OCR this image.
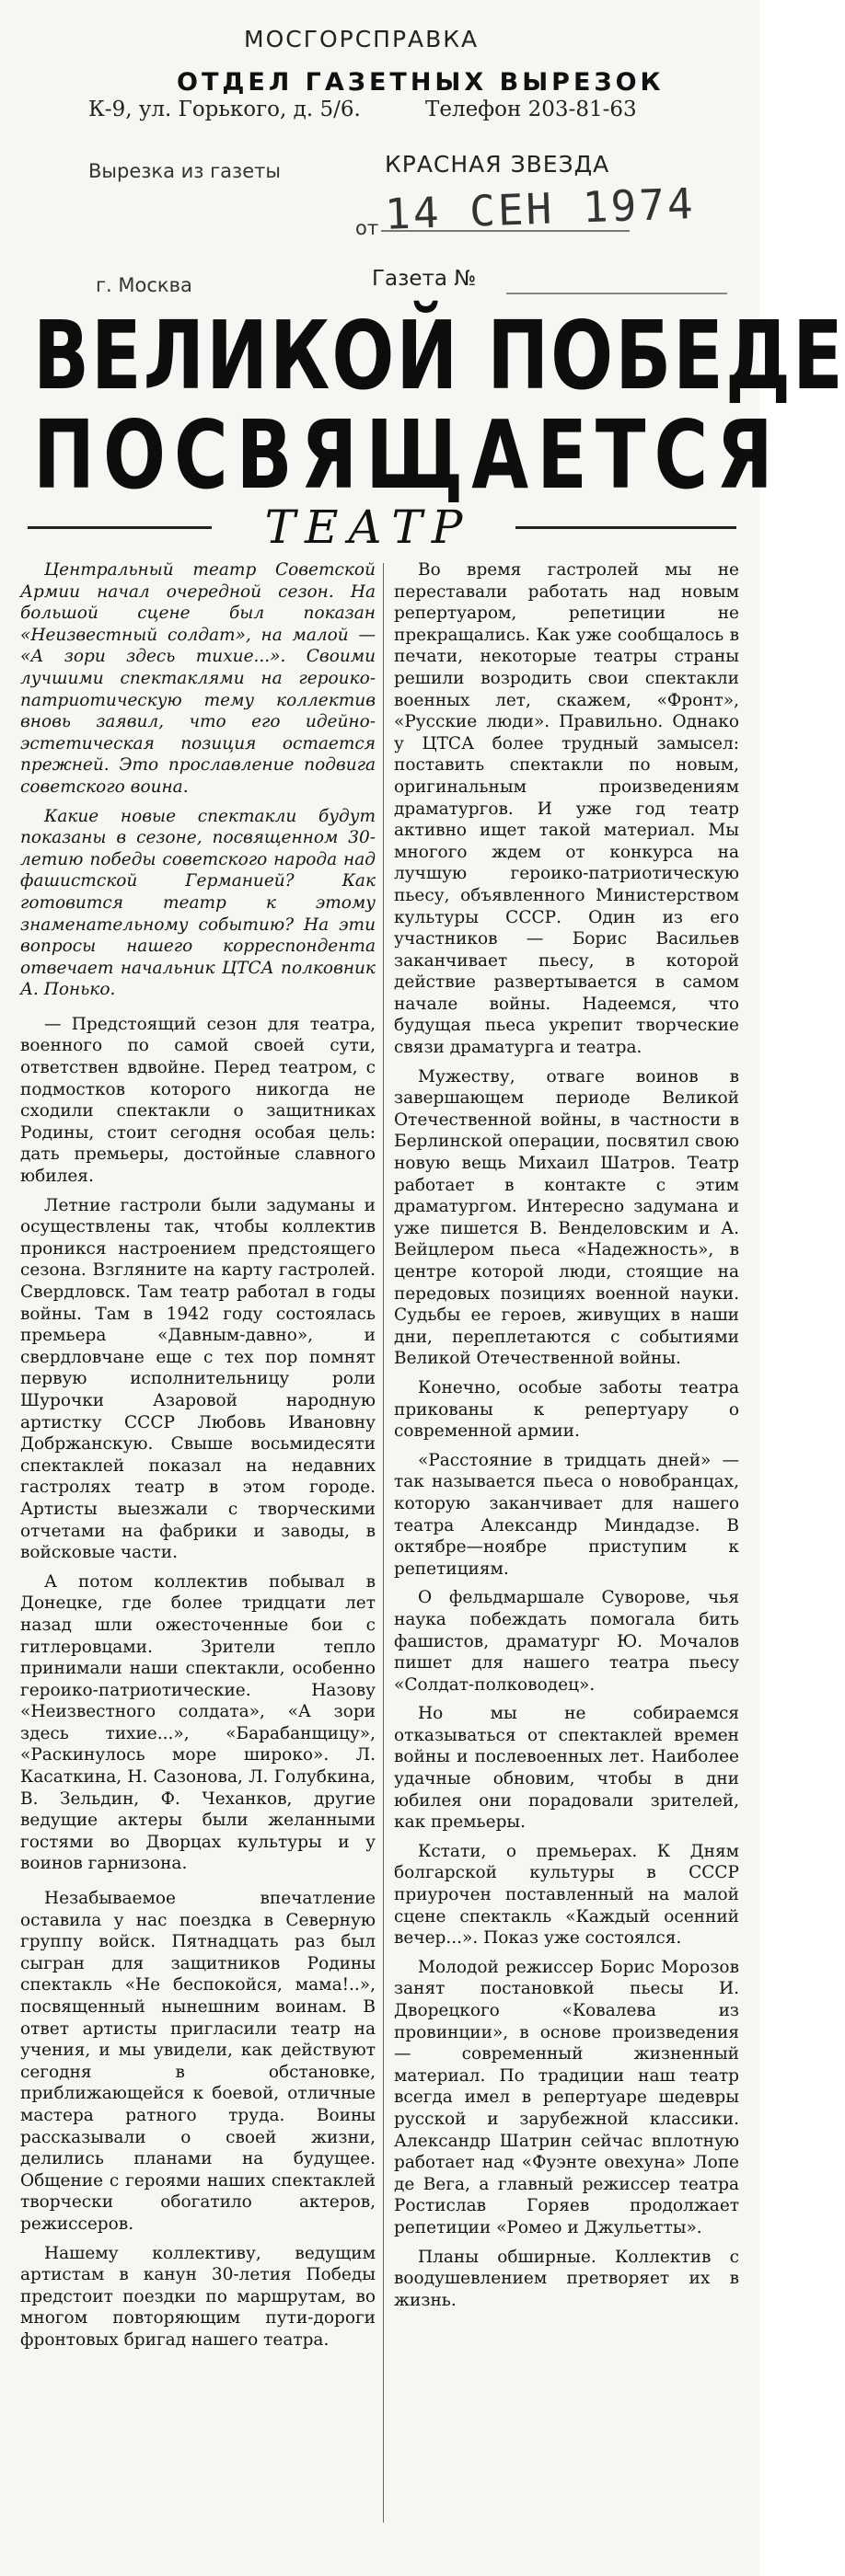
МОСГОРСПРАВКА
ОТДЕЛ ГАЗЕТНЫХ ВЫРЕЗОК
К-9, ул. Горького, д. 5/6.	Телефон 203-81-63
Вырезка из газеты	КРАСНАЯ ЗВЕЗДА
14 СЕН 1974
от
г. Москва	Газета №
ВЕЛИКОЙ ПОБЕДЕ
ПОСВЯЩАЕТСЯ
ТЕАТР

Центральный театр Советской Армии начал очередной сезон. На большой сцене был показан «Неизвестный солдат», на малой — «А зори здесь тихие...». Своими лучшими спектаклями на героико-патриотическую тему коллектив вновь заявил, что его идейно-эстетическая позиция остается прежней. Это прославление подвига советского воина.

Какие новые спектакли будут показаны в сезоне, посвященном 30-летию победы советского народа над фашистской Германией? Как готовится театр к этому знаменательному событию? На эти вопросы нашего корреспондента отвечает начальник ЦТСА полковник А. Понько.

— Предстоящий сезон для театра, военного по самой своей сути, ответствен вдвойне. Перед театром, с подмостков которого никогда не сходили спектакли о защитниках Родины, стоит сегодня особая цель: дать премьеры, достойные славного юбилея.

Летние гастроли были задуманы и осуществлены так, чтобы коллектив проникся настроением предстоящего сезона. Взгляните на карту гастролей. Свердловск. Там театр работал в годы войны. Там в 1942 году состоялась премьера «Давным-давно», и свердловчане еще с тех пор помнят первую исполнительницу роли Шурочки Азаровой народную артистку СССР Любовь Ивановну Добржанскую. Свыше восьмидесяти спектаклей показал на недавних гастролях театр в этом городе. Артисты выезжали с творческими отчетами на фабрики и заводы, в войсковые части.

А потом коллектив побывал в Донецке, где более тридцати лет назад шли ожесточенные бои с гитлеровцами. Зрители тепло принимали наши спектакли, особенно героико-патриотические. Назову «Неизвестного солдата», «А зори здесь тихие...», «Барабанщицу», «Раскинулось море широко». Л. Касаткина, Н. Сазонова, Л. Голубкина, В. Зельдин, Ф. Чеханков, другие ведущие актеры были желанными гостями во Дворцах культуры и у воинов гарнизона.

Незабываемое впечатление оставила у нас поездка в Северную группу войск. Пятнадцать раз был сыгран для защитников Родины спектакль «Не беспокойся, мама!..», посвященный нынешним воинам. В ответ артисты пригласили театр на учения, и мы увидели, как действуют сегодня в обстановке, приближающейся к боевой, отличные мастера ратного труда. Воины рассказывали о своей жизни, делились планами на будущее. Общение с героями наших спектаклей творчески обогатило актеров, режиссеров.

Нашему коллективу, ведущим артистам в канун 30-летия Победы предстоит поездки по маршрутам, во многом повторяющим пути-дороги фронтовых бригад нашего театра.

Во время гастролей мы не переставали работать над новым репертуаром, репетиции не прекращались. Как уже сообщалось в печати, некоторые театры страны решили возродить свои спектакли военных лет, скажем, «Фронт», «Русские люди». Правильно. Однако у ЦТСА более трудный замысел: поставить спектакли по новым, оригинальным произведениям драматургов. И уже год театр активно ищет такой материал. Мы многого ждем от конкурса на лучшую героико-патриотическую пьесу, объявленного Министерством культуры СССР. Один из его участников — Борис Васильев заканчивает пьесу, в которой действие развертывается в самом начале войны. Надеемся, что будущая пьеса укрепит творческие связи драматурга и театра.

Мужеству, отваге воинов в завершающем периоде Великой Отечественной войны, в частности в Берлинской операции, посвятил свою новую вещь Михаил Шатров. Театр работает в контакте с этим драматургом. Интересно задумана и уже пишется В. Венделовским и А. Вейцлером пьеса «Надежность», в центре которой люди, стоящие на передовых позициях военной науки. Судьбы ее героев, живущих в наши дни, переплетаются с событиями Великой Отечественной войны.

Конечно, особые заботы театра прикованы к репертуару о современной армии.

«Расстояние в тридцать дней» — так называется пьеса о новобранцах, которую заканчивает для нашего театра Александр Миндадзе. В октябре—ноябре приступим к репетициям.

О фельдмаршале Суворове, чья наука побеждать помогала бить фашистов, драматург Ю. Мочалов пишет для нашего театра пьесу «Солдат-полководец».

Но мы не собираемся отказываться от спектаклей времен войны и послевоенных лет. Наиболее удачные обновим, чтобы в дни юбилея они порадовали зрителей, как премьеры.

Кстати, о премьерах. К Дням болгарской культуры в СССР приурочен поставленный на малой сцене спектакль «Каждый осенний вечер...». Показ уже состоялся.

Молодой режиссер Борис Морозов занят постановкой пьесы И. Дворецкого «Ковалева из провинции», в основе произведения — современный жизненный материал. По традиции наш театр всегда имел в репертуаре шедевры русской и зарубежной классики. Александр Шатрин сейчас вплотную работает над «Фуэнте овехуна» Лопе де Вега, а главный режиссер театра Ростислав Горяев продолжает репетиции «Ромео и Джульетты».

Планы обширные. Коллектив с воодушевлением претворяет их в жизнь.
